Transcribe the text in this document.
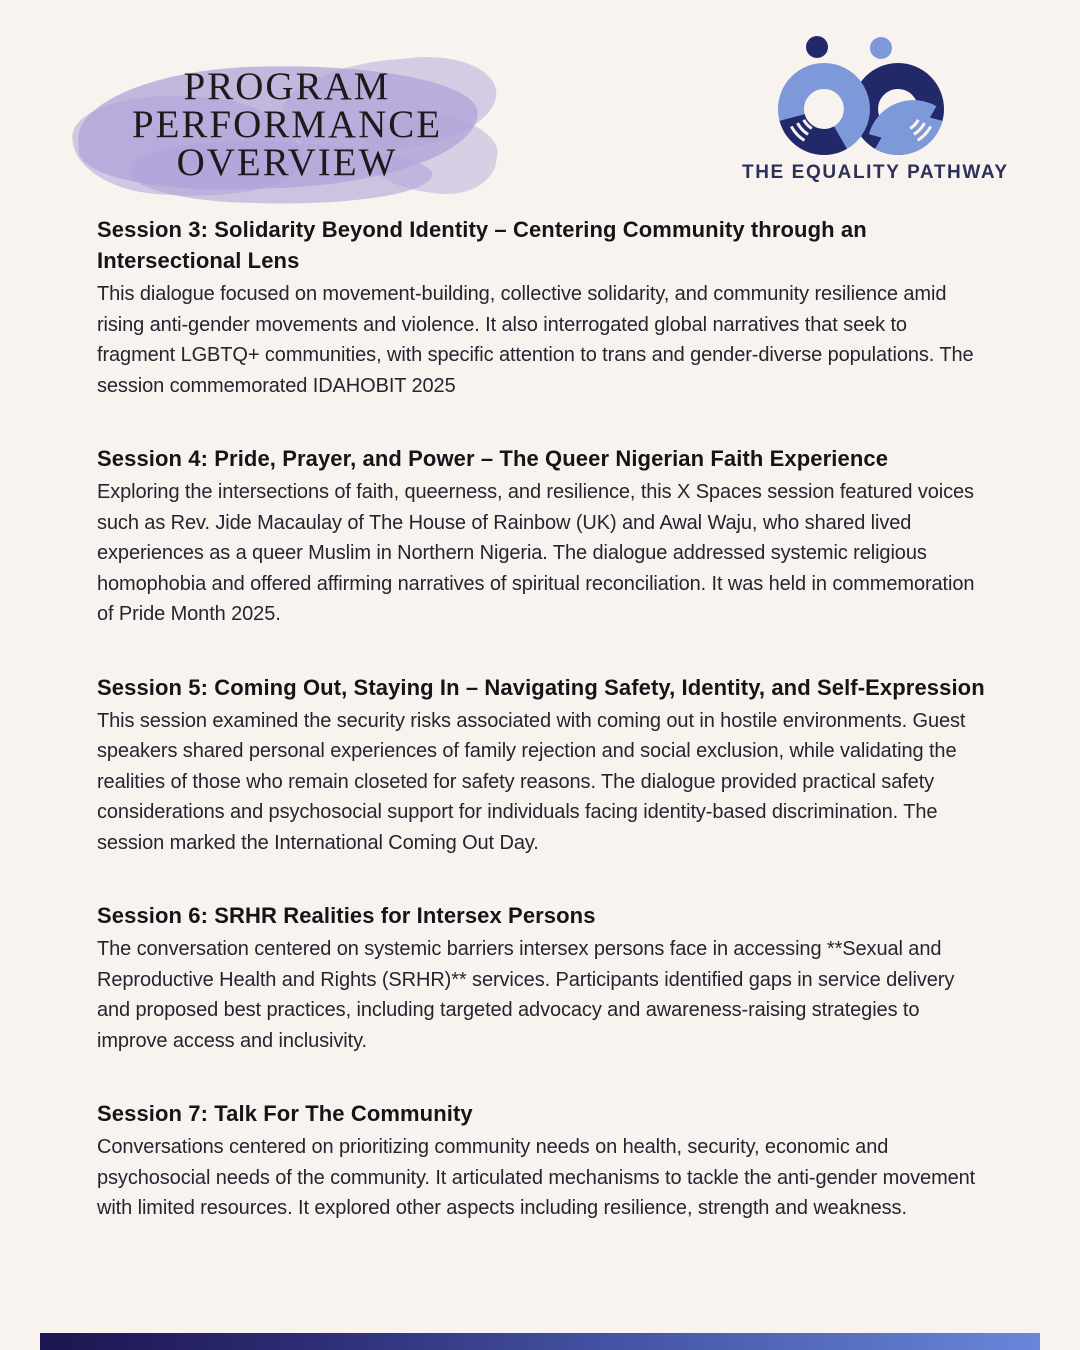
PROGRAM
PERFORMANCE
OVERVIEW	THE EQUALITY PATHWAY
Session 3: Solidarity Beyond Identity – Centering Community through an Intersectional Lens

This dialogue focused on movement-building, collective solidarity, and community resilience amid rising anti-gender movements and violence. It also interrogated global narratives that seek to fragment LGBTQ+ communities, with specific attention to trans and gender-diverse populations. The session commemorated IDAHOBIT 2025

Session 4: Pride, Prayer, and Power – The Queer Nigerian Faith Experience

Exploring the intersections of faith, queerness, and resilience, this X Spaces session featured voices such as Rev. Jide Macaulay of The House of Rainbow (UK) and Awal Waju, who shared lived experiences as a queer Muslim in Northern Nigeria. The dialogue addressed systemic religious homophobia and offered affirming narratives of spiritual reconciliation. It was held in commemoration of Pride Month 2025.

Session 5: Coming Out, Staying In – Navigating Safety, Identity, and Self-Expression

This session examined the security risks associated with coming out in hostile environments. Guest speakers shared personal experiences of family rejection and social exclusion, while validating the realities of those who remain closeted for safety reasons. The dialogue provided practical safety considerations and psychosocial support for individuals facing identity-based discrimination. The session marked the International Coming Out Day.

Session 6: SRHR Realities for Intersex Persons

The conversation centered on systemic barriers intersex persons face in accessing **Sexual and Reproductive Health and Rights (SRHR)** services. Participants identified gaps in service delivery and proposed best practices, including targeted advocacy and awareness-raising strategies to improve access and inclusivity.

Session 7: Talk For The Community

Conversations centered on prioritizing community needs on health, security, economic and psychosocial needs of the community. It articulated mechanisms to tackle the anti-gender movement with limited resources. It explored other aspects including resilience, strength and weakness.
